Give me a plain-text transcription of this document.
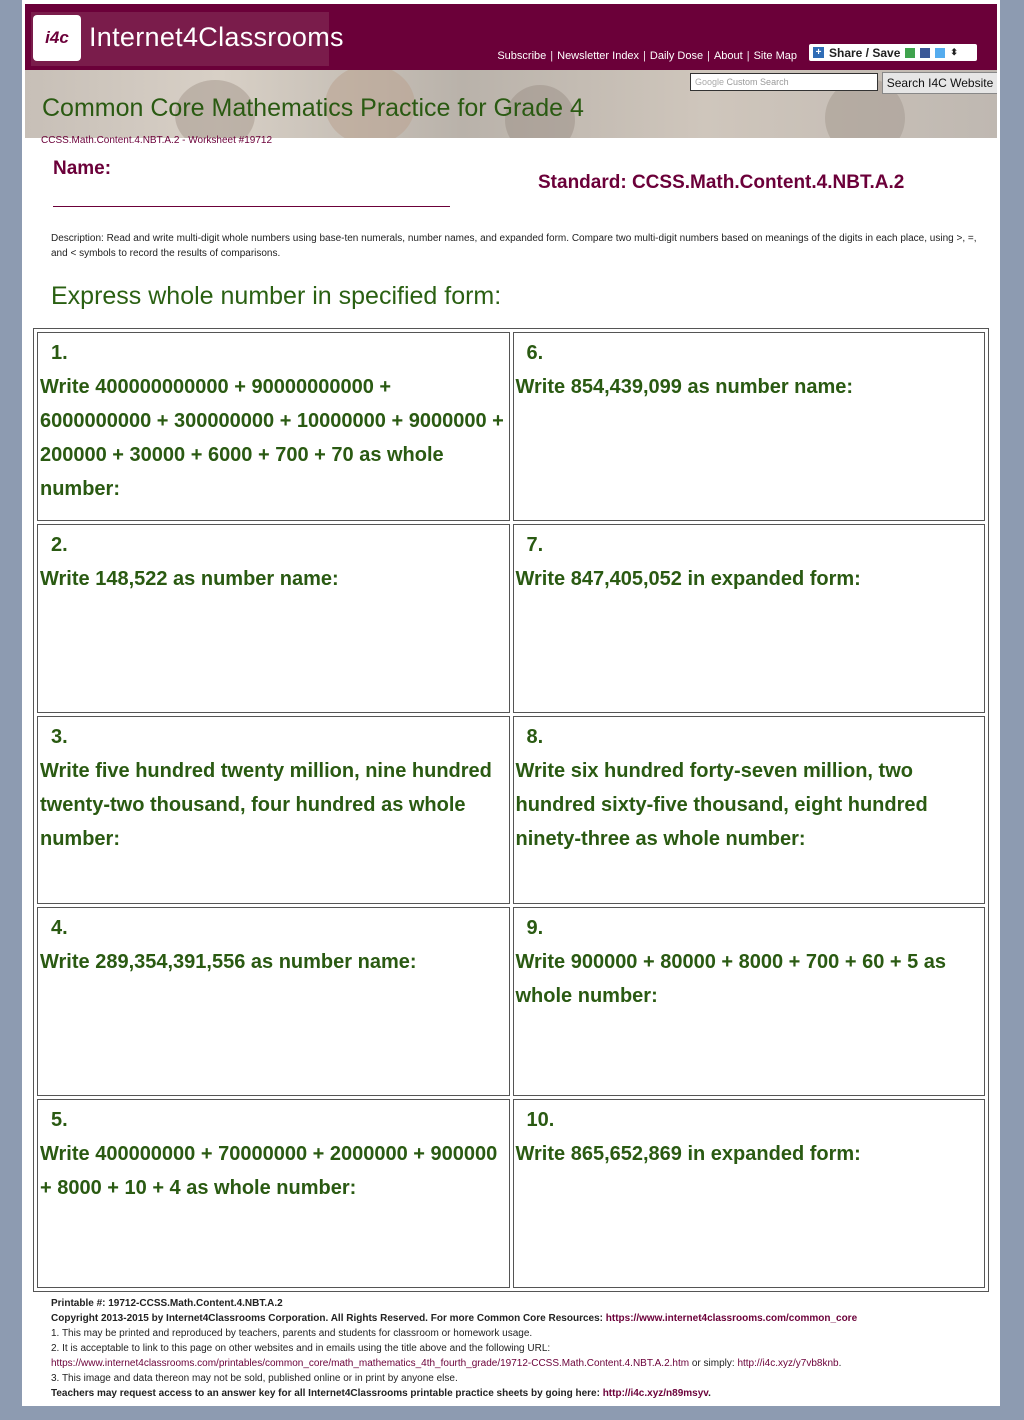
i4c Internet4Classrooms
Subscribe | Newsletter Index | Daily Dose | About | Site Map + Share / Save	⬍
Google Custom Search	Search I4C Website
Common Core Mathematics Practice for Grade 4
CCSS.Math.Content.4.NBT.A.2 - Worksheet #19712
Name:
Standard: CCSS.Math.Content.4.NBT.A.2
Description: Read and write multi-digit whole numbers using base-ten numerals, number names, and expanded form. Compare two multi-digit numbers based on meanings of the digits in each place, using >, =, and < symbols to record the results of comparisons.
Express whole number in specified form:
1.
Write 400000000000 + 90000000000 + 6000000000 + 300000000 + 10000000 + 9000000 + 200000 + 30000 + 6000 + 700 + 70 as whole number:
6.
Write 854,439,099 as number name:
2.
Write 148,522 as number name:
7.
Write 847,405,052 in expanded form:
3.
Write five hundred twenty million, nine hundred twenty-two thousand, four hundred as whole number:
8.
Write six hundred forty-seven million, two hundred sixty-five thousand, eight hundred ninety-three as whole number:
4.
Write 289,354,391,556 as number name:
9.
Write 900000 + 80000 + 8000 + 700 + 60 + 5 as whole number:
5.
Write 400000000 + 70000000 + 2000000 + 900000 + 8000 + 10 + 4 as whole number:
10.
Write 865,652,869 in expanded form:
Printable #: 19712-CCSS.Math.Content.4.NBT.A.2
Copyright 2013-2015 by Internet4Classrooms Corporation. All Rights Reserved. For more Common Core Resources: https://www.internet4classrooms.com/common_core
1. This may be printed and reproduced by teachers, parents and students for classroom or homework usage.
2. It is acceptable to link to this page on other websites and in emails using the title above and the following URL:
https://www.internet4classrooms.com/printables/common_core/math_mathematics_4th_fourth_grade/19712-CCSS.Math.Content.4.NBT.A.2.htm or simply: http://i4c.xyz/y7vb8knb.
3. This image and data thereon may not be sold, published online or in print by anyone else.
Teachers may request access to an answer key for all Internet4Classrooms printable practice sheets by going here: http://i4c.xyz/n89msyv.
